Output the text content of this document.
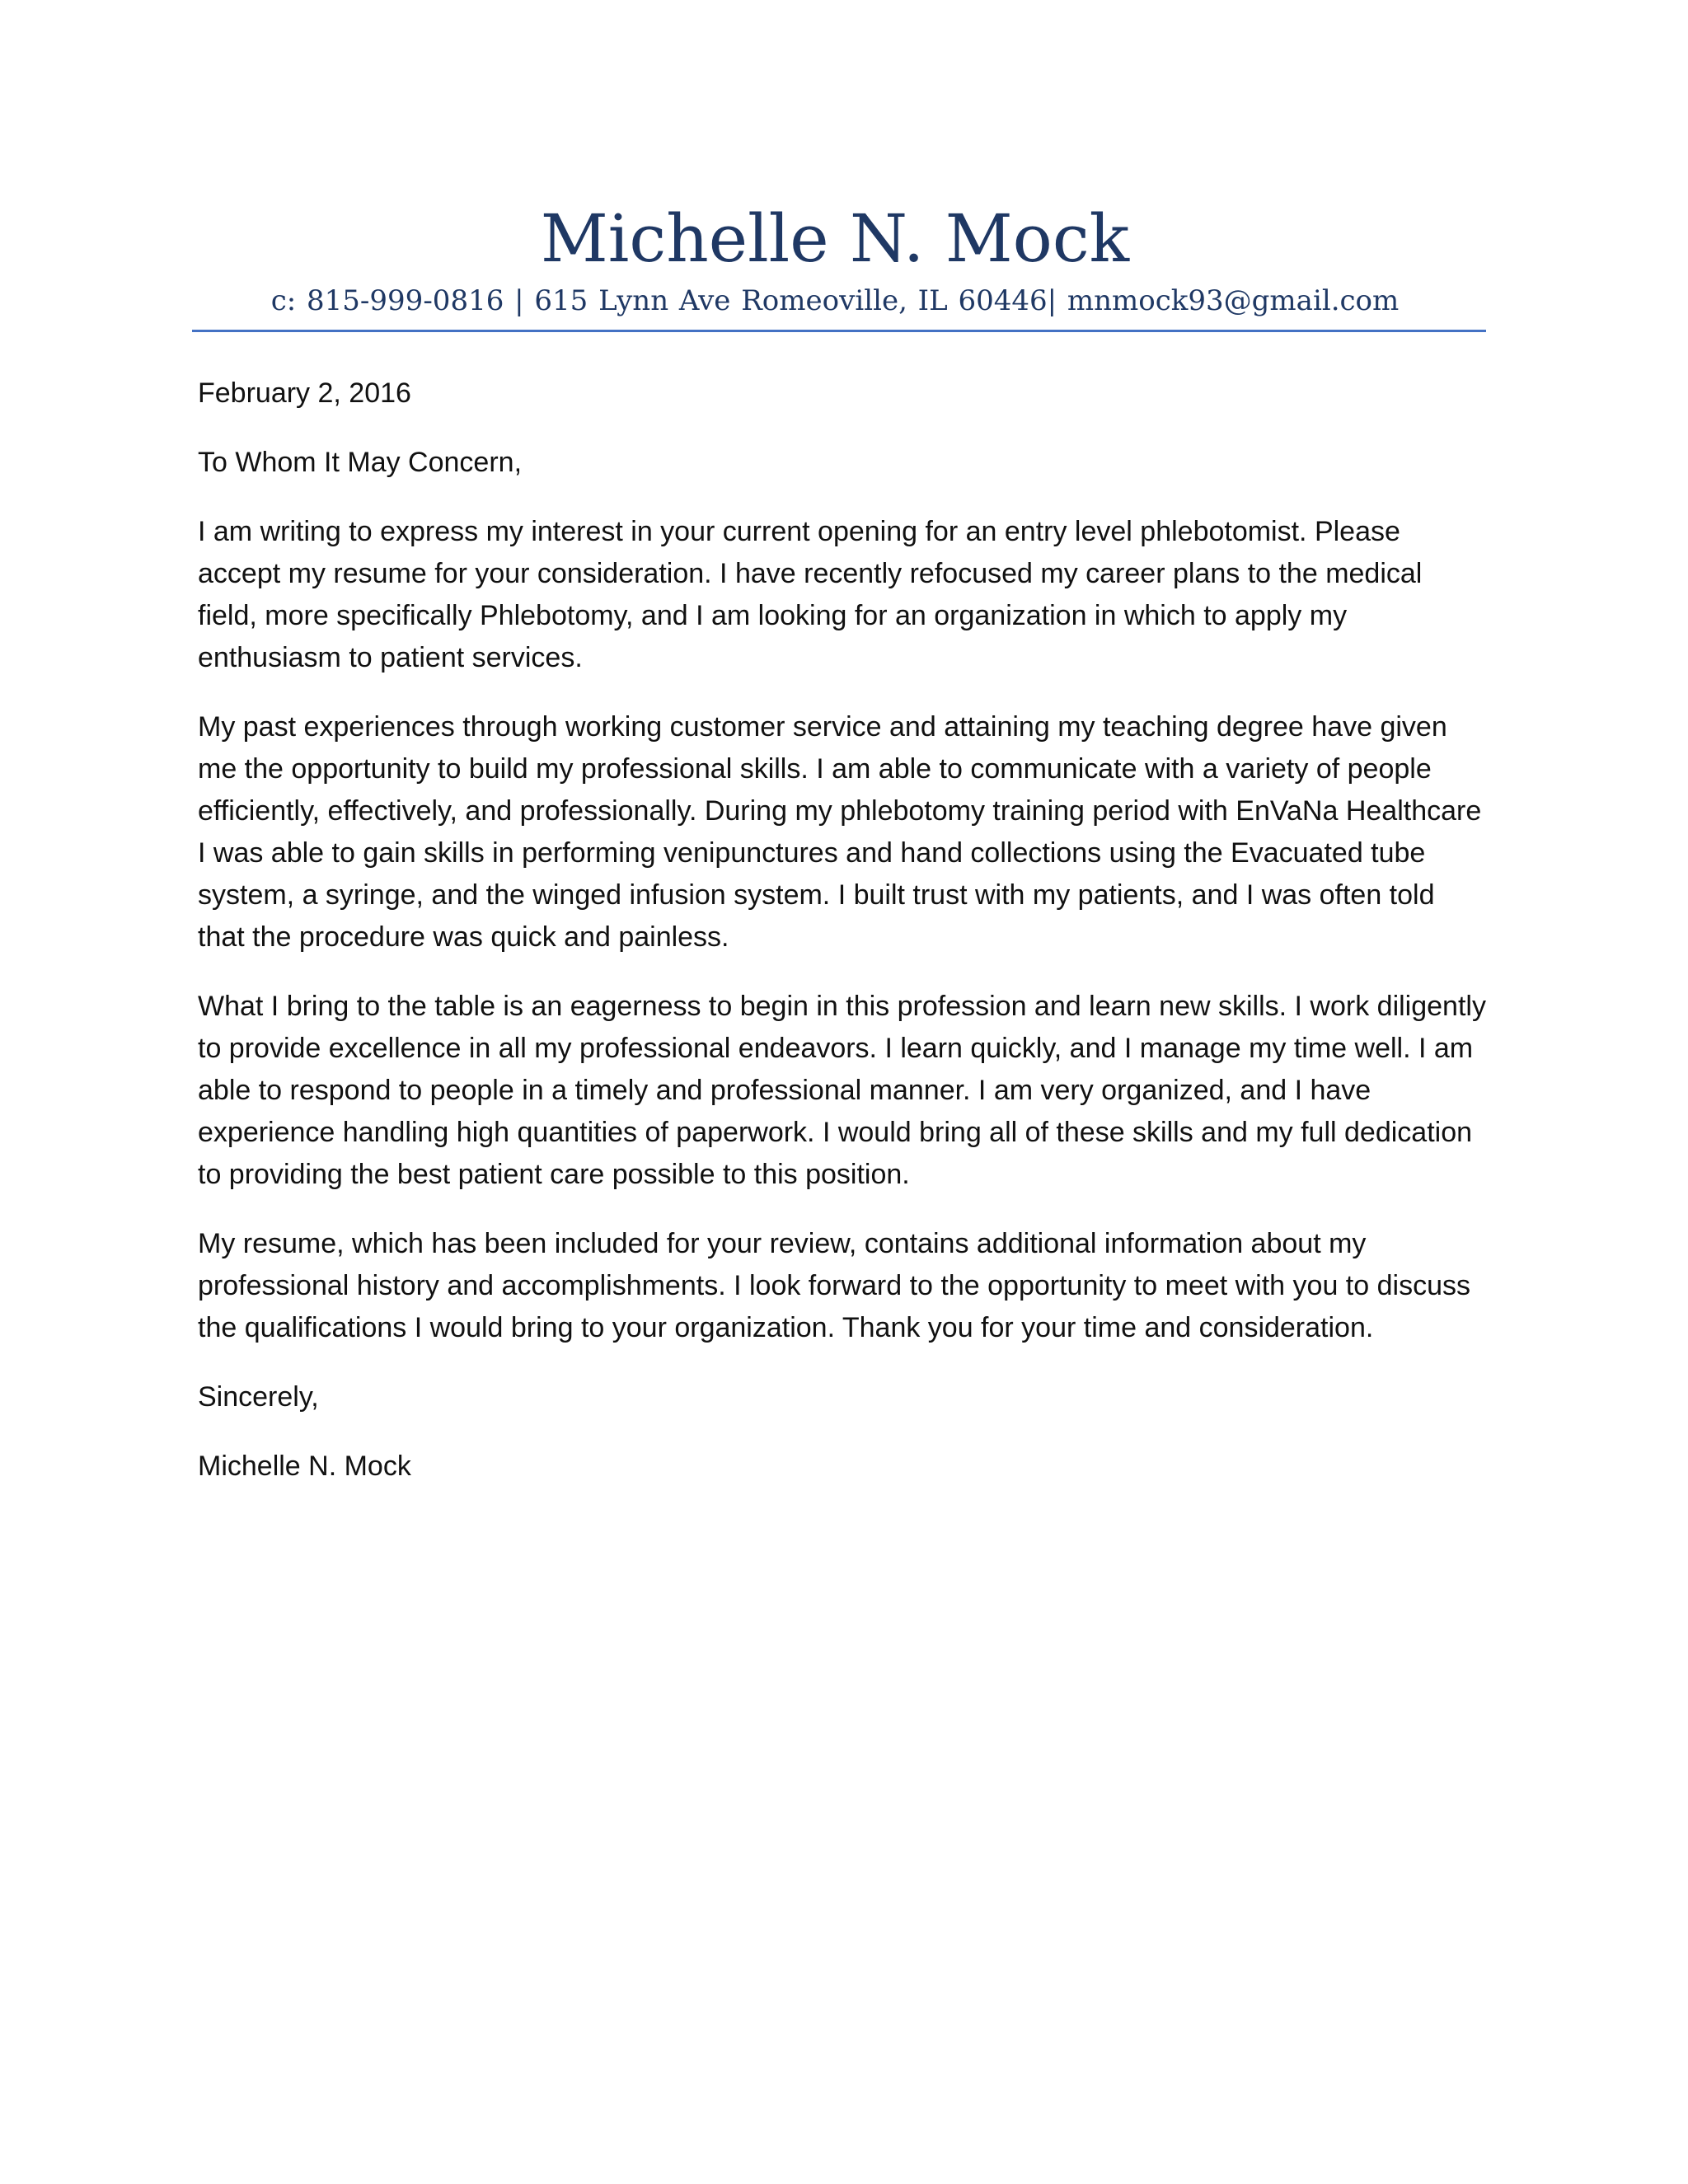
Michelle N. Mock
c: 815-999-0816 | 615 Lynn Ave Romeoville, IL 60446| mnmock93@gmail.com

February 2, 2016

To Whom It May Concern,

I am writing to express my interest in your current opening for an entry level phlebotomist. Please accept my resume for your consideration. I have recently refocused my career plans to the medical field, more specifically Phlebotomy, and I am looking for an organization in which to apply my enthusiasm to patient services.

My past experiences through working customer service and attaining my teaching degree have given me the opportunity to build my professional skills. I am able to communicate with a variety of people efficiently, effectively, and professionally. During my phlebotomy training period with EnVaNa Healthcare I was able to gain skills in performing venipunctures and hand collections using the Evacuated tube system, a syringe, and the winged infusion system. I built trust with my patients, and I was often told that the procedure was quick and painless.

What I bring to the table is an eagerness to begin in this profession and learn new skills. I work diligently to provide excellence in all my professional endeavors. I learn quickly, and I manage my time well. I am able to respond to people in a timely and professional manner. I am very organized, and I have experience handling high quantities of paperwork. I would bring all of these skills and my full dedication to providing the best patient care possible to this position.

My resume, which has been included for your review, contains additional information about my professional history and accomplishments. I look forward to the opportunity to meet with you to discuss the qualifications I would bring to your organization. Thank you for your time and consideration.

Sincerely,

Michelle N. Mock
